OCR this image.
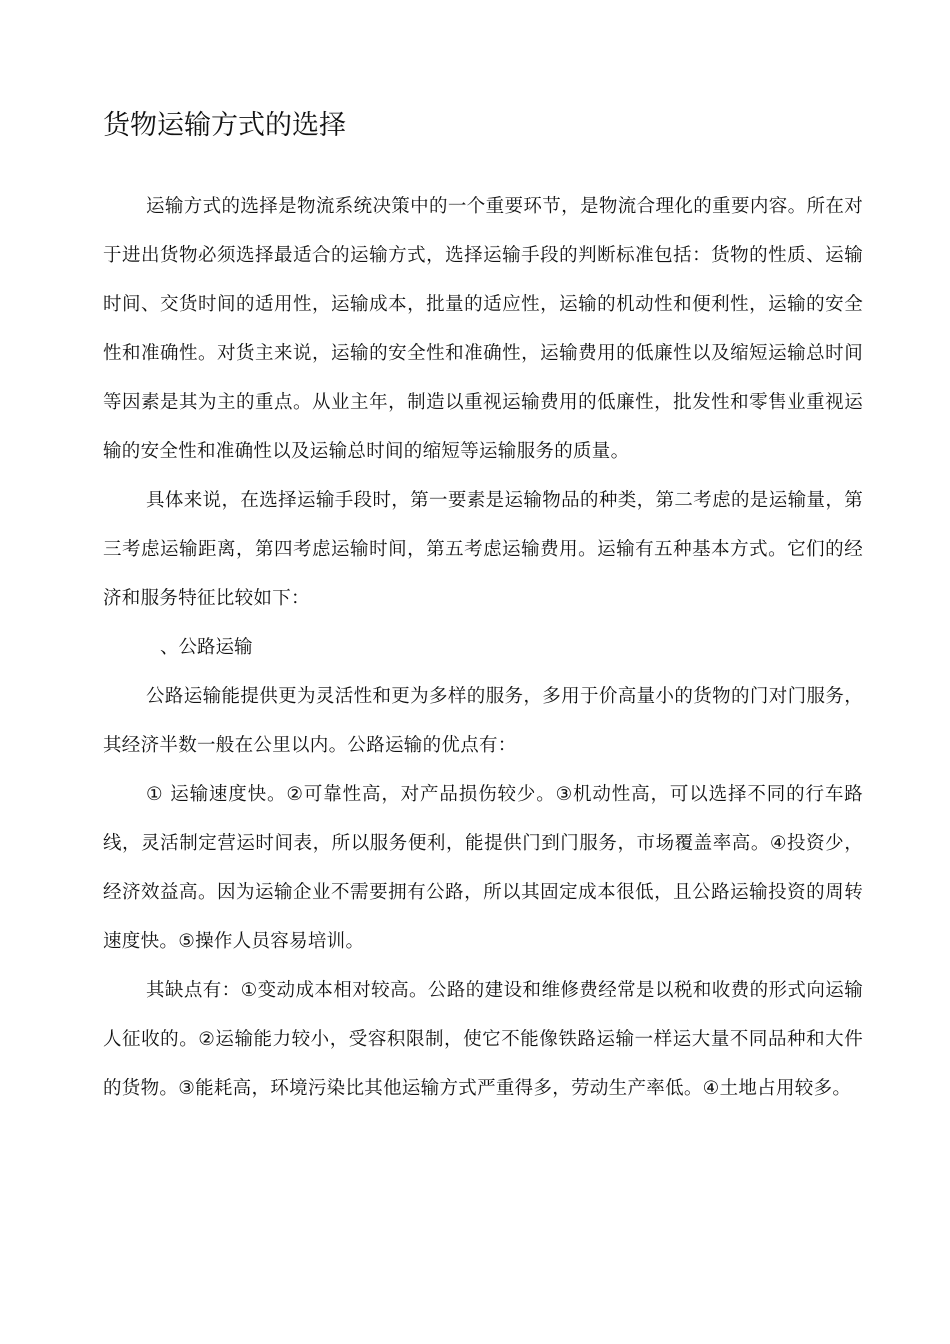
货物运输方式的选择

运输方式的选择是物流系统决策中的一个重要环节，是物流合理化的重要内容。所在对于进出货物必须选择最适合的运输方式，选择运输手段的判断标准包括：货物的性质、运输时间、交货时间的适用性，运输成本，批量的适应性，运输的机动性和便利性，运输的安全性和准确性。对货主来说，运输的安全性和准确性，运输费用的低廉性以及缩短运输总时间等因素是其为主的重点。从业主年，制造以重视运输费用的低廉性，批发性和零售业重视运输的安全性和准确性以及运输总时间的缩短等运输服务的质量。

具体来说，在选择运输手段时，第一要素是运输物品的种类，第二考虑的是运输量，第三考虑运输距离，第四考虑运输时间，第五考虑运输费用。运输有五种基本方式。它们的经济和服务特征比较如下：

、公路运输

公路运输能提供更为灵活性和更为多样的服务，多用于价高量小的货物的门对门服务，其经济半数一般在公里以内。公路运输的优点有：

① 运输速度快。②可靠性高，对产品损伤较少。③机动性高，可以选择不同的行车路线，灵活制定营运时间表，所以服务便利，能提供门到门服务，市场覆盖率高。④投资少，经济效益高。因为运输企业不需要拥有公路，所以其固定成本很低，且公路运输投资的周转速度快。⑤操作人员容易培训。

其缺点有：①变动成本相对较高。公路的建设和维修费经常是以税和收费的形式向运输人征收的。②运输能力较小，受容积限制，使它不能像铁路运输一样运大量不同品种和大件的货物。③能耗高，环境污染比其他运输方式严重得多，劳动生产率低。④土地占用较多。
